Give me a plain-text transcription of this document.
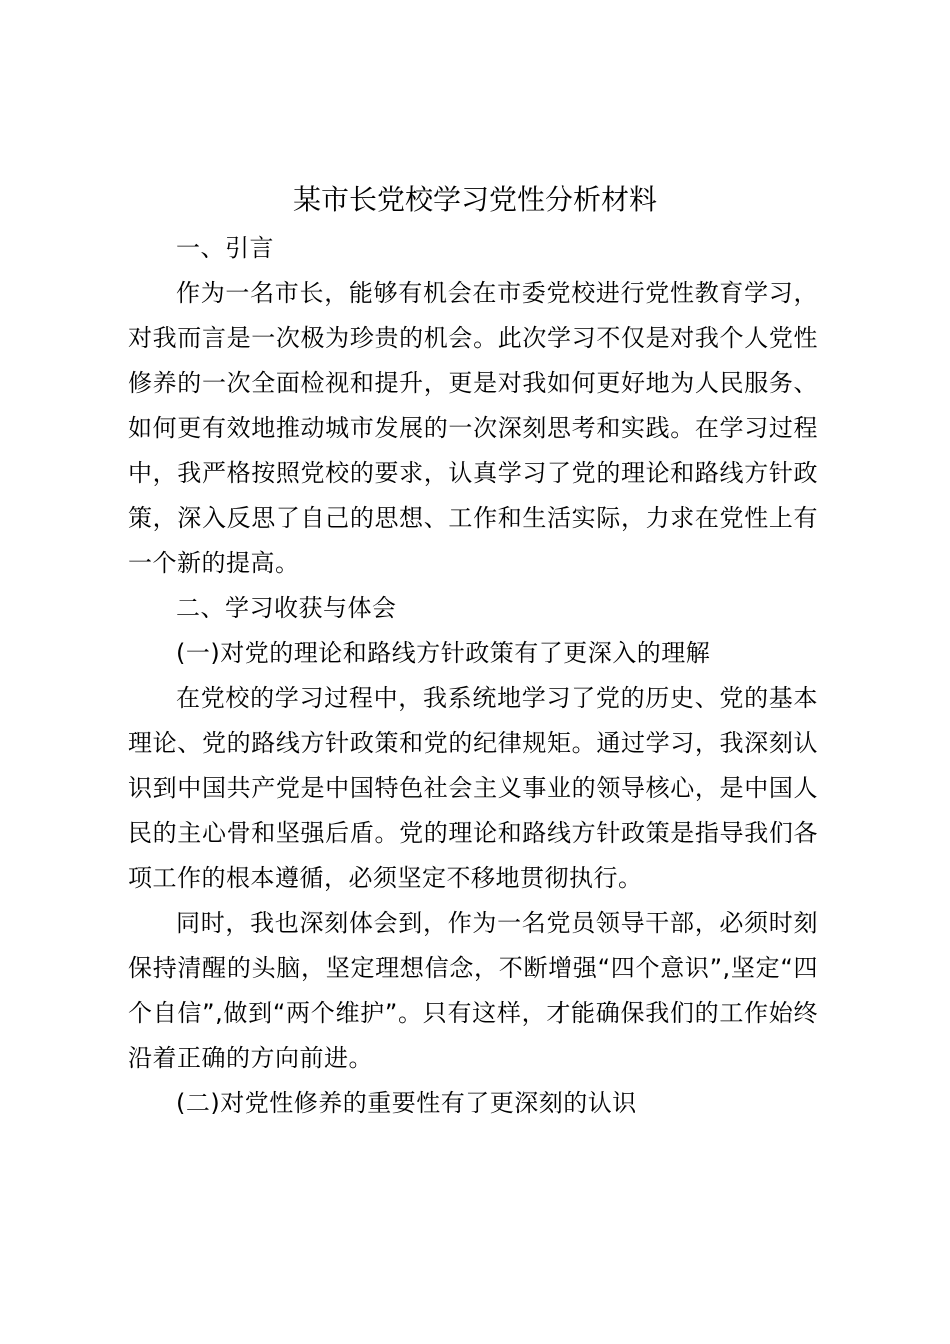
某市长党校学习党性分析材料

一、引言

作为一名市长，能够有机会在市委党校进行党性教育学习，对我而言是一次极为珍贵的机会。此次学习不仅是对我个人党性修养的一次全面检视和提升，更是对我如何更好地为人民服务、如何更有效地推动城市发展的一次深刻思考和实践。在学习过程中，我严格按照党校的要求，认真学习了党的理论和路线方针政策，深入反思了自己的思想、工作和生活实际，力求在党性上有一个新的提高。

二、学习收获与体会

(一)对党的理论和路线方针政策有了更深入的理解

在党校的学习过程中，我系统地学习了党的历史、党的基本理论、党的路线方针政策和党的纪律规矩。通过学习，我深刻认识到中国共产党是中国特色社会主义事业的领导核心，是中国人民的主心骨和坚强后盾。党的理论和路线方针政策是指导我们各项工作的根本遵循，必须坚定不移地贯彻执行。

同时，我也深刻体会到，作为一名党员领导干部，必须时刻保持清醒的头脑，坚定理想信念，不断增强“四个意识”,坚定“四个自信”,做到“两个维护”。只有这样，才能确保我们的工作始终沿着正确的方向前进。

(二)对党性修养的重要性有了更深刻的认识
